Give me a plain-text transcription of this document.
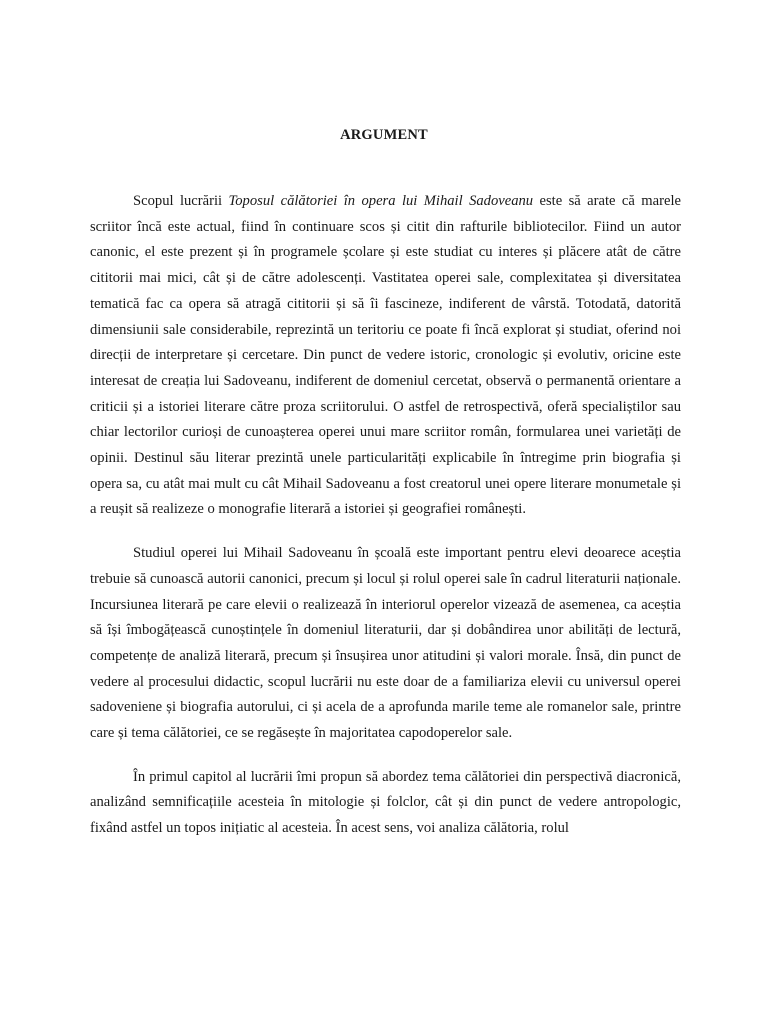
ARGUMENT

Scopul lucrării Toposul călătoriei în opera lui Mihail Sadoveanu este să arate că marele scriitor încă este actual, fiind în continuare scos și citit din rafturile bibliotecilor. Fiind un autor canonic, el este prezent și în programele școlare și este studiat cu interes și plăcere atât de către cititorii mai mici, cât și de către adolescenți. Vastitatea operei sale, complexitatea și diversitatea tematică fac ca opera să atragă cititorii și să îi fascineze, indiferent de vârstă. Totodată, datorită dimensiunii sale considerabile, reprezintă un teritoriu ce poate fi încă explorat și studiat, oferind noi direcții de interpretare și cercetare. Din punct de vedere istoric, cronologic și evolutiv, oricine este interesat de creația lui Sadoveanu, indiferent de domeniul cercetat, observă o permanentă orientare a criticii și a istoriei literare către proza scriitorului. O astfel de retrospectivă, oferă specialiștilor sau chiar lectorilor curioși de cunoașterea operei unui mare scriitor român, formularea unei varietăți de opinii. Destinul său literar prezintă unele particularități explicabile în întregime prin biografia și opera sa, cu atât mai mult cu cât Mihail Sadoveanu a fost creatorul unei opere literare monumetale și a reușit să realizeze o monografie literară a istoriei și geografiei românești.

Studiul operei lui Mihail Sadoveanu în școală este important pentru elevi deoarece aceștia trebuie să cunoască autorii canonici, precum și locul și rolul operei sale în cadrul literaturii naționale. Incursiunea literară pe care elevii o realizează în interiorul operelor vizează de asemenea, ca aceștia să își îmbogățească cunoștințele în domeniul literaturii, dar și dobândirea unor abilități de lectură, competențe de analiză literară, precum și însușirea unor atitudini și valori morale. Însă, din punct de vedere al procesului didactic, scopul lucrării nu este doar de a familiariza elevii cu universul operei sadoveniene și biografia autorului, ci și acela de a aprofunda marile teme ale romanelor sale, printre care și tema călătoriei, ce se regăsește în majoritatea capodoperelor sale.

În primul capitol al lucrării îmi propun să abordez tema călătoriei din perspectivă diacronică, analizând semnificațiile acesteia în mitologie și folclor, cât și din punct de vedere antropologic, fixând astfel un topos inițiatic al acesteia. În acest sens, voi analiza călătoria, rolul
